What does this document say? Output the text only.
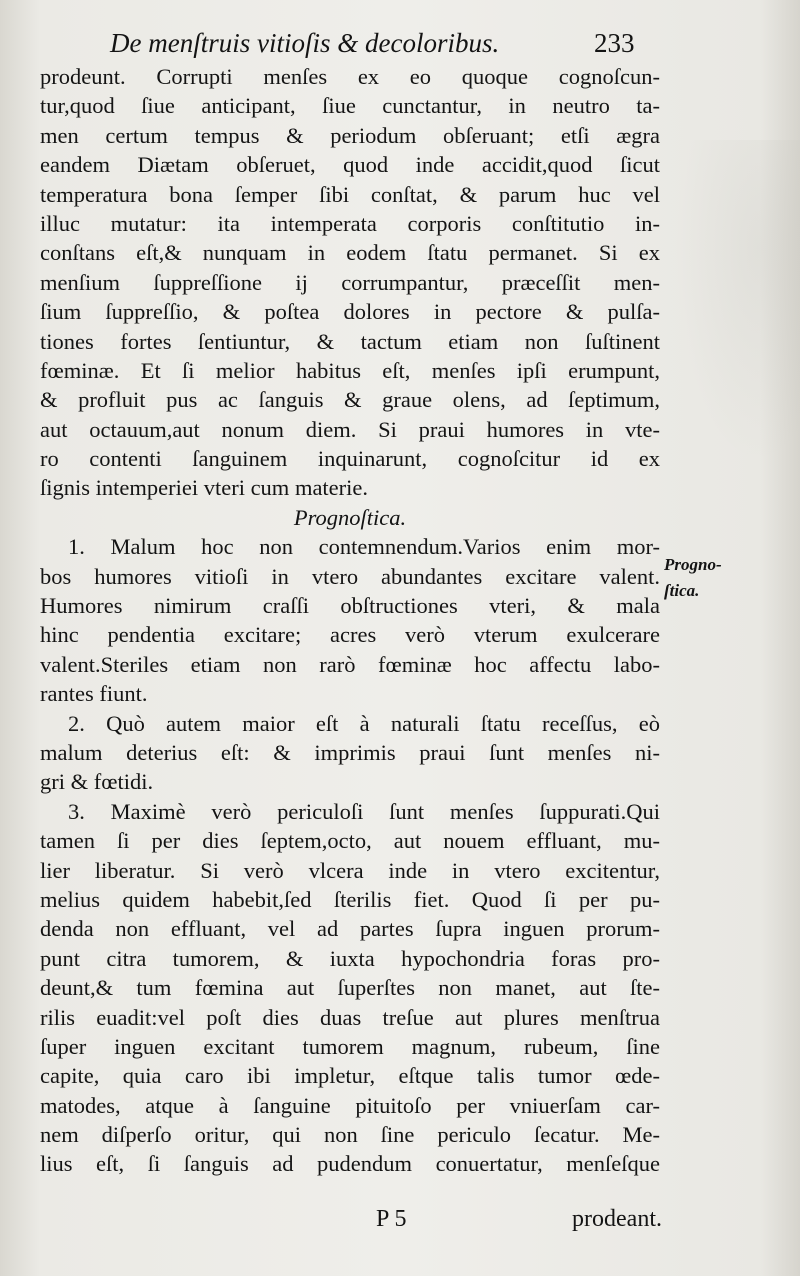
De menſtruis vitioſis & decoloribus.	233
prodeunt. Corrupti menſes ex eo quoque cognoſcun-
tur,quod ſiue anticipant, ſiue cunctantur, in neutro ta-
men certum tempus & periodum obſeruant; etſi ægra
eandem Diætam obſeruet, quod inde accidit,quod ſicut
temperatura bona ſemper ſibi conſtat, & parum huc vel
illuc mutatur: ita intemperata corporis conſtitutio in-
conſtans eſt,& nunquam in eodem ſtatu permanet. Si ex
menſium ſuppreſſione ij corrumpantur, præceſſit men-
ſium ſuppreſſio, & poſtea dolores in pectore & pulſa-
tiones fortes ſentiuntur, & tactum etiam non ſuſtinent
fœminæ. Et ſi melior habitus eſt, menſes ipſi erumpunt,
& profluit pus ac ſanguis & graue olens, ad ſeptimum,
aut octauum,aut nonum diem. Si praui humores in vte-
ro contenti ſanguinem inquinarunt, cognoſcitur id ex
ſignis intemperiei vteri cum materie.
Prognoſtica.
1. Malum hoc non contemnendum.Varios enim mor-
bos humores vitioſi in vtero abundantes excitare valent.
Humores nimirum craſſi obſtructiones vteri, & mala
hinc pendentia excitare; acres verò vterum exulcerare
valent.Steriles etiam non rarò fœminæ hoc affectu labo-
rantes fiunt.
2. Quò autem maior eſt à naturali ſtatu receſſus, eò
malum deterius eſt: & imprimis praui ſunt menſes ni-
gri & fœtidi.
3. Maximè verò periculoſi ſunt menſes ſuppurati.Qui
tamen ſi per dies ſeptem,octo, aut nouem effluant, mu-
lier liberatur. Si verò vlcera inde in vtero excitentur,
melius quidem habebit,ſed ſterilis fiet. Quod ſi per pu-
denda non effluant, vel ad partes ſupra inguen prorum-
punt citra tumorem, & iuxta hypochondria foras pro-
deunt,& tum fœmina aut ſuperſtes non manet, aut ſte-
rilis euadit:vel poſt dies duas treſue aut plures menſtrua
ſuper inguen excitant tumorem magnum, rubeum, ſine
capite, quia caro ibi impletur, eſtque talis tumor œde-
matodes, atque à ſanguine pituitoſo per vniuerſam car-
nem diſperſo oritur, qui non ſine periculo ſecatur. Me-
lius eſt, ſi ſanguis ad pudendum conuertatur, menſeſque
Progno-
ſtica.
P 5	prodeant.
